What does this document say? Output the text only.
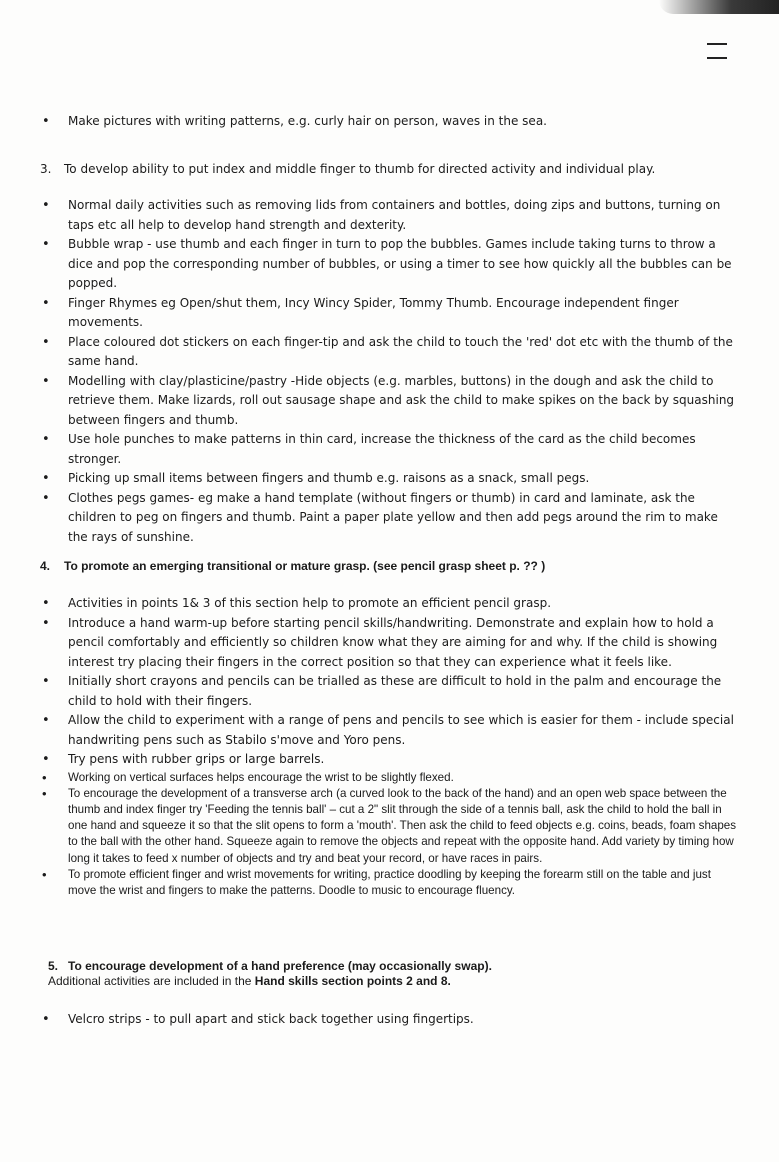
• Make pictures with writing patterns, e.g. curly hair on person, waves in the sea.
3. To develop ability to put index and middle finger to thumb for directed activity and individual play.
• Normal daily activities such as removing lids from containers and bottles, doing zips and buttons, turning on taps etc all help to develop hand strength and dexterity.
• Bubble wrap - use thumb and each finger in turn to pop the bubbles. Games include taking turns to throw a dice and pop the corresponding number of bubbles, or using a timer to see how quickly all the bubbles can be popped.
• Finger Rhymes eg Open/shut them, Incy Wincy Spider, Tommy Thumb. Encourage independent finger movements.
• Place coloured dot stickers on each finger-tip and ask the child to touch the 'red' dot etc with the thumb of the same hand.
• Modelling with clay/plasticine/pastry -Hide objects (e.g. marbles, buttons) in the dough and ask the child to retrieve them. Make lizards, roll out sausage shape and ask the child to make spikes on the back by squashing between fingers and thumb.
• Use hole punches to make patterns in thin card, increase the thickness of the card as the child becomes stronger.
• Picking up small items between fingers and thumb e.g. raisons as a snack, small pegs.
• Clothes pegs games- eg make a hand template (without fingers or thumb) in card and laminate, ask the children to peg on fingers and thumb. Paint a paper plate yellow and then add pegs around the rim to make the rays of sunshine.
4. To promote an emerging transitional or mature grasp. (see pencil grasp sheet p. ?? )
• Activities in points 1& 3 of this section help to promote an efficient pencil grasp.
• Introduce a hand warm-up before starting pencil skills/handwriting. Demonstrate and explain how to hold a pencil comfortably and efficiently so children know what they are aiming for and why. If the child is showing interest try placing their fingers in the correct position so that they can experience what it feels like.
• Initially short crayons and pencils can be trialled as these are difficult to hold in the palm and encourage the child to hold with their fingers.
• Allow the child to experiment with a range of pens and pencils to see which is easier for them - include special handwriting pens such as Stabilo s'move and Yoro pens.
• Try pens with rubber grips or large barrels.
• Working on vertical surfaces helps encourage the wrist to be slightly flexed.
• To encourage the development of a transverse arch (a curved look to the back of the hand) and an open web space between the thumb and index finger try 'Feeding the tennis ball' – cut a 2" slit through the side of a tennis ball, ask the child to hold the ball in one hand and squeeze it so that the slit opens to form a 'mouth'. Then ask the child to feed objects e.g. coins, beads, foam shapes to the ball with the other hand. Squeeze again to remove the objects and repeat with the opposite hand. Add variety by timing how long it takes to feed x number of objects and try and beat your record, or have races in pairs.
• To promote efficient finger and wrist movements for writing, practice doodling by keeping the forearm still on the table and just move the wrist and fingers to make the patterns. Doodle to music to encourage fluency.
5. To encourage development of a hand preference (may occasionally swap).
Additional activities are included in the Hand skills section points 2 and 8.
• Velcro strips - to pull apart and stick back together using fingertips.
